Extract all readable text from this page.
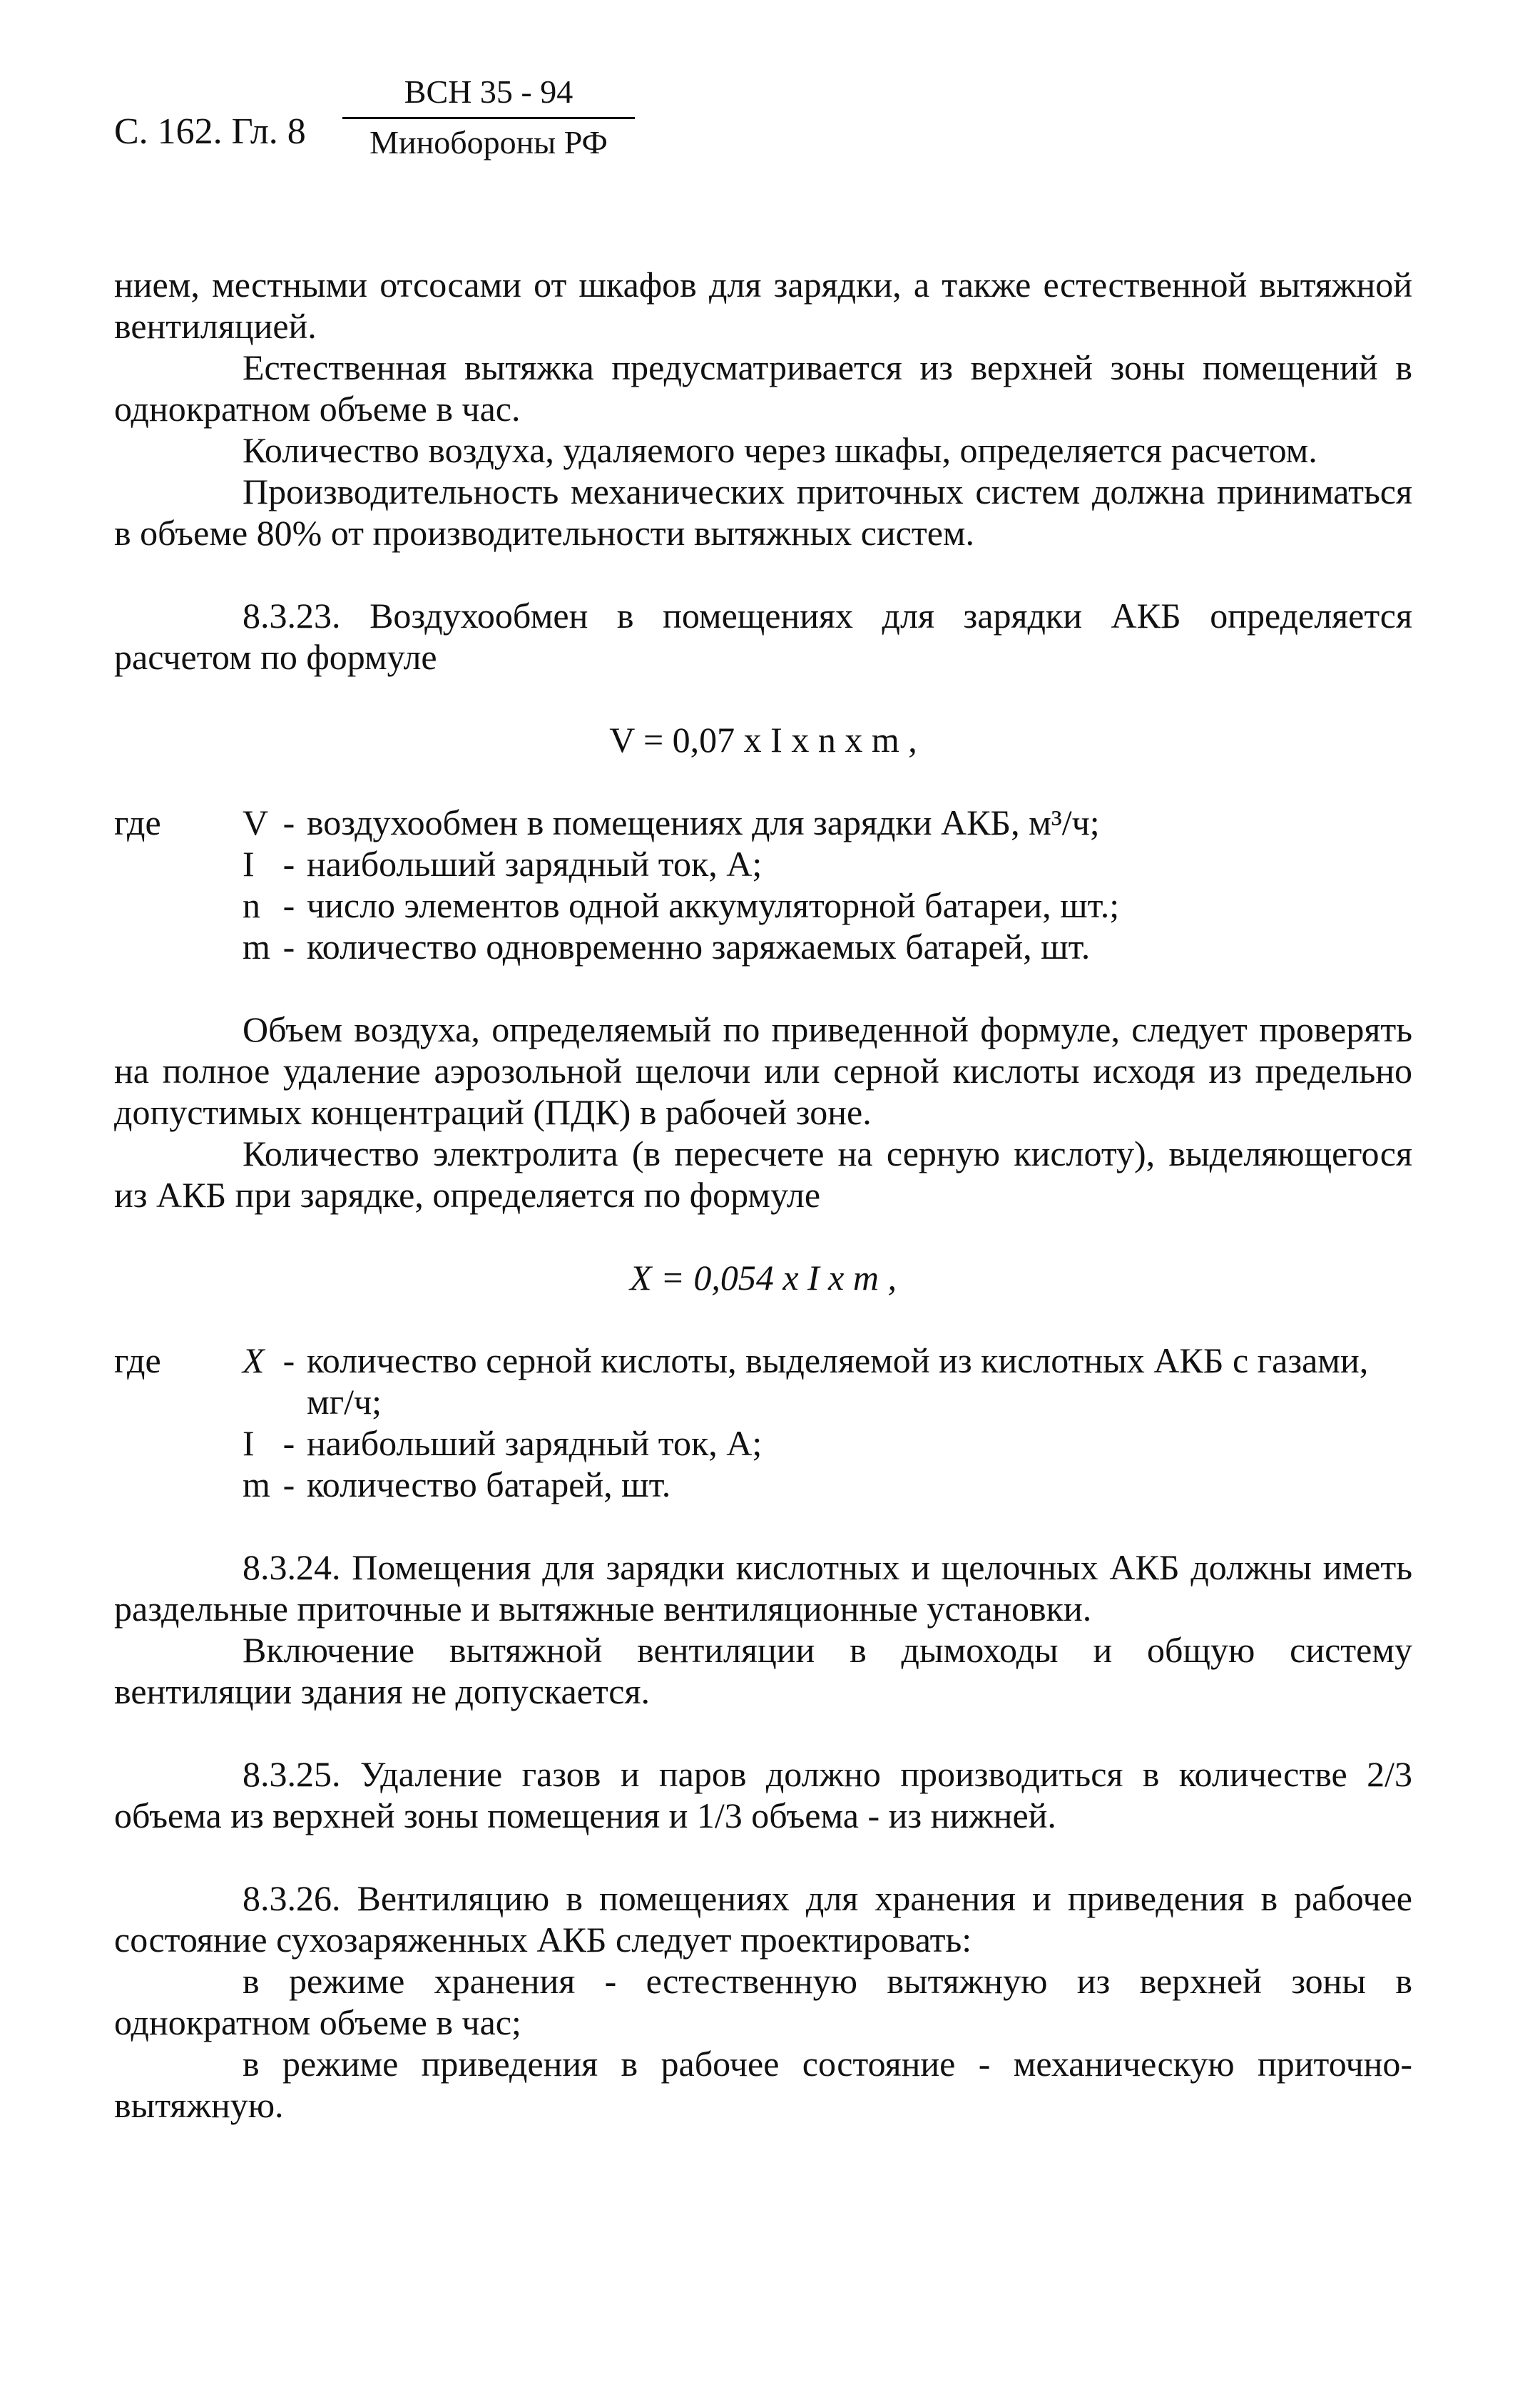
С. 162. Гл. 8
ВСН 35 - 94
Минобороны РФ

нием, местными отсосами от шкафов для зарядки, а также естественной вытяжной вентиляцией.

Естественная вытяжка предусматривается из верхней зоны помещений в однократном объеме в час.

Количество воздуха, удаляемого через шкафы, определяется расчетом.

Производительность механических приточных систем должна приниматься в объеме 80% от производительности вытяжных систем.

8.3.23. Воздухообмен в помещениях для зарядки АКБ определяется расчетом по формуле

V = 0,07 x I x n x m ,
где	V	-	воздухообмен в помещениях для зарядки АКБ, м³/ч;
	I	-	наибольший зарядный ток, А;
	n	-	число элементов одной аккумуляторной батареи, шт.;
	m	-	количество одновременно заряжаемых батарей, шт.

Объем воздуха, определяемый по приведенной формуле, следует проверять на полное удаление аэрозольной щелочи или серной кислоты исходя из предельно допустимых концентраций (ПДК) в рабочей зоне.

Количество электролита (в пересчете на серную кислоту), выделяющегося из АКБ при зарядке, определяется по формуле

X = 0,054 x I x m ,
где	X	-	количество серной кислоты, выделяемой из кислотных АКБ с газами, мг/ч;
	I	-	наибольший зарядный ток, А;
	m	-	количество батарей, шт.

8.3.24. Помещения для зарядки кислотных и щелочных АКБ должны иметь раздельные приточные и вытяжные вентиляционные установки.

Включение вытяжной вентиляции в дымоходы и общую систему вентиляции здания не допускается.

8.3.25. Удаление газов и паров должно производиться в количестве 2/3 объема из верхней зоны помещения и 1/3 объема - из нижней.

8.3.26. Вентиляцию в помещениях для хранения и приведения в рабочее состояние сухозаряженных АКБ следует проектировать:

в режиме хранения - естественную вытяжную из верхней зоны в однократном объеме в час;

в режиме приведения в рабочее состояние - механическую приточно-вытяжную.
